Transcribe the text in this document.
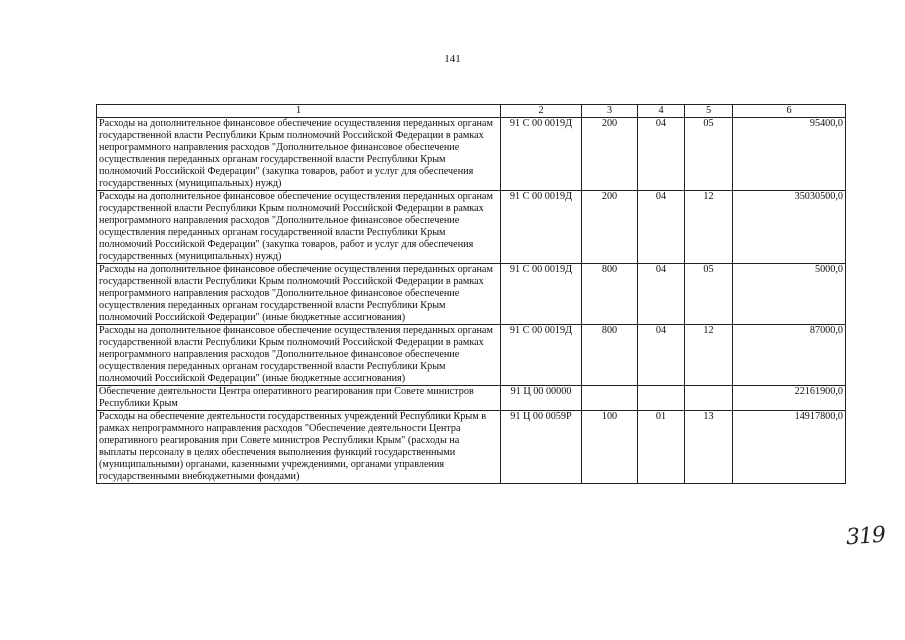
141
1	2	3	4	5	6
Расходы на дополнительное финансовое обеспечение осуществления переданных органам государственной власти Республики Крым полномочий Российской Федерации в рамках непрограммного направления расходов "Дополнительное финансовое обеспечение осуществления переданных органам государственной власти Республики Крым полномочий Российской Федерации" (закупка товаров, работ и услуг для обеспечения государственных (муниципальных) нужд)	91 С 00 0019Д	200	04	05	95400,0
Расходы на дополнительное финансовое обеспечение осуществления переданных органам государственной власти Республики Крым полномочий Российской Федерации в рамках непрограммного направления расходов "Дополнительное финансовое обеспечение осуществления переданных органам государственной власти Республики Крым полномочий Российской Федерации" (закупка товаров, работ и услуг для обеспечения государственных (муниципальных) нужд)	91 С 00 0019Д	200	04	12	35030500,0
Расходы на дополнительное финансовое обеспечение осуществления переданных органам государственной власти Республики Крым полномочий Российской Федерации в рамках непрограммного направления расходов "Дополнительное финансовое обеспечение осуществления переданных органам государственной власти Республики Крым полномочий Российской Федерации" (иные бюджетные ассигнования)	91 С 00 0019Д	800	04	05	5000,0
Расходы на дополнительное финансовое обеспечение осуществления переданных органам государственной власти Республики Крым полномочий Российской Федерации в рамках непрограммного направления расходов "Дополнительное финансовое обеспечение осуществления переданных органам государственной власти Республики Крым полномочий Российской Федерации" (иные бюджетные ассигнования)	91 С 00 0019Д	800	04	12	87000,0
Обеспечение деятельности Центра оперативного реагирования при Совете министров Республики Крым	91 Ц 00 00000				22161900,0
Расходы на обеспечение деятельности государственных учреждений Республики Крым в рамках непрограммного направления расходов "Обеспечение деятельности Центра оперативного реагирования при Совете министров Республики Крым" (расходы на выплаты персоналу в целях обеспечения выполнения функций государственными (муниципальными) органами, казенными учреждениями, органами управления государственными внебюджетными фондами)	91 Ц 00 0059Р	100	01	13	14917800,0
319
